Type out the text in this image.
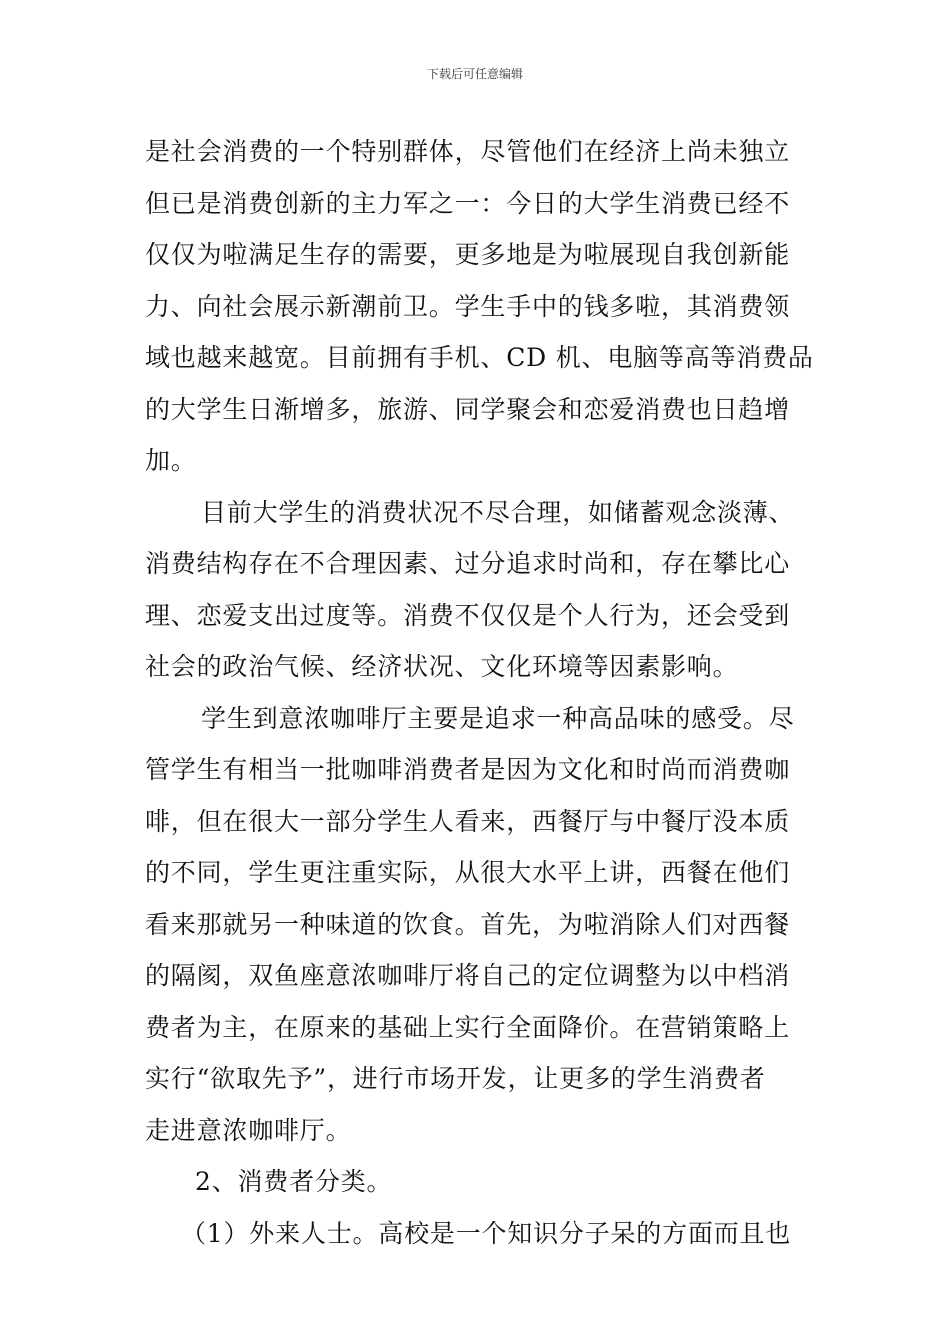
下载后可任意编辑
是社会消费的一个特别群体，尽管他们在经济上尚未独立
但已是消费创新的主力军之一：今日的大学生消费已经不
仅仅为啦满足生存的需要，更多地是为啦展现自我创新能
力、向社会展示新潮前卫。学生手中的钱多啦，其消费领
域也越来越宽。目前拥有手机、CD 机、电脑等高等消费品
的大学生日渐增多，旅游、同学聚会和恋爱消费也日趋增
加。
目前大学生的消费状况不尽合理，如储蓄观念淡薄、
消费结构存在不合理因素、过分追求时尚和，存在攀比心
理、恋爱支出过度等。消费不仅仅是个人行为，还会受到
社会的政治气候、经济状况、文化环境等因素影响。
学生到意浓咖啡厅主要是追求一种高品味的感受。尽
管学生有相当一批咖啡消费者是因为文化和时尚而消费咖
啡，但在很大一部分学生人看来，西餐厅与中餐厅没本质
的不同，学生更注重实际，从很大水平上讲，西餐在他们
看来那就另一种味道的饮食。首先，为啦消除人们对西餐
的隔阂，双鱼座意浓咖啡厅将自己的定位调整为以中档消
费者为主，在原来的基础上实行全面降价。在营销策略上
实行“欲取先予”，进行市场开发，让更多的学生消费者
走进意浓咖啡厅。
2、消费者分类。
（1）外来人士。高校是一个知识分子呆的方面而且也
